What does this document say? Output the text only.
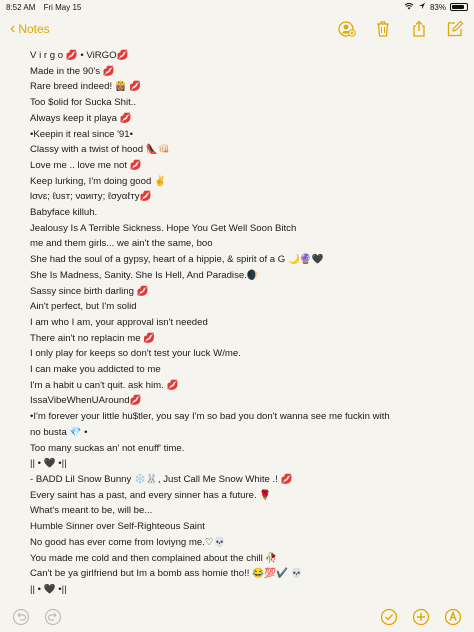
8:52 AM Fri May 15	83%
‹ Notes
V i r g o 💋 • ViRGO💋
Made in the 90's 💋
Rare breed indeed! 👸🏽 💋
Too $olid for Sucka Shit..
Always keep it playa 💋
•Keepin it real since '91•
Classy with a twist of hood 👠👊🏻
Love me .. love me not 💋
Keep lurking, I'm doing good ✌️
lσvɛ; ℓυѕт; ναиιту; ℓσуαℓтy💋
Babyface killuh.
Jealousy Is A Terrible Sickness. Hope You Get Well Soon Bitch
me and them girls... we ain't the same, boo
She had the soul of a gypsy, heart of a hippie, & spirit of a G 🌙🔮🖤
She Is Madness, Sanity. She Is Hell, And Paradise.🌒
Sassy since birth darling 💋
Ain't perfect, but I'm solid
I am who I am, your approval isn't needed
There ain't no replacin me 💋
I only play for keeps so don't test your luck W/me.
I can make you addicted to me
I'm a habit u can't quit. ask him. 💋
IssaVibeWhenUAround💋
•I'm forever your little hu$tler, you say I'm so bad you don't wanna see me fuckin with
no busta 💎 •
Too many suckas an' not enuff' time.
|| • 🖤 •||
- BADD Lil Snow Bunny ❄️🐰, Just Call Me Snow White .! 💋
Every saint has a past, and every sinner has a future. 🌹
What's meant to be, will be...
Humble Sinner over Self-Righteous Saint
No good has ever come from loviyng me.♡💀
You made me cold and then complained about the chill 🥀
Can't be ya girlfriend but Im a bomb ass homie tho!! 😂💯✔️ 💀
|| • 🖤 •||
